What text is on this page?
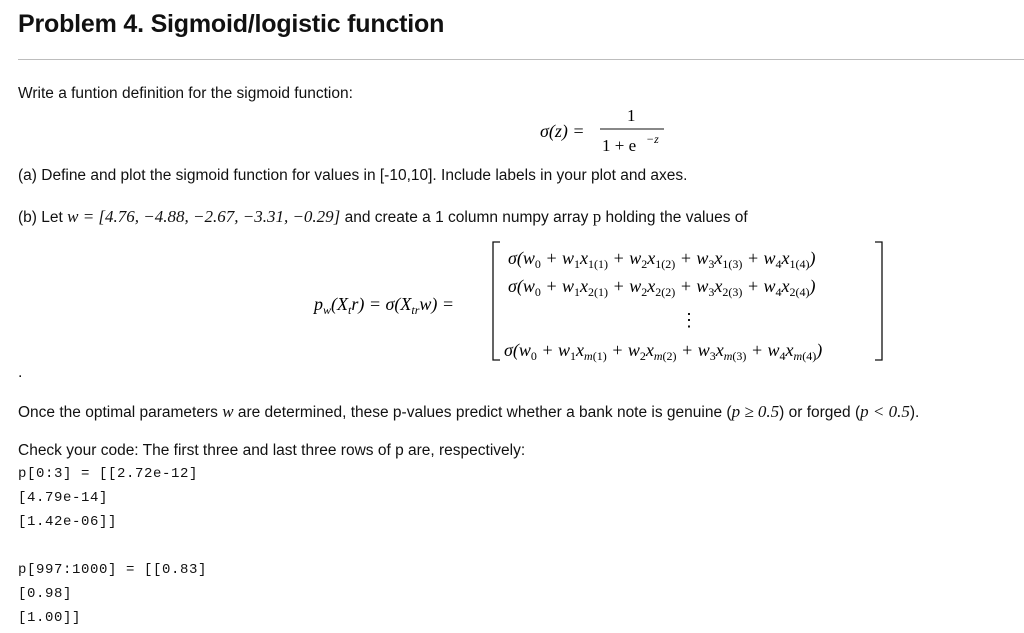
Problem 4. Sigmoid/logistic function
Write a funtion definition for the sigmoid function:
σ(z) =
1
1 + e −z
(a) Define and plot the sigmoid function for values in [-10,10]. Include labels in your plot and axes.
(b) Let w = [4.76, −4.88, −2.67, −3.31, −0.29] and create a 1 column numpy array p holding the values of
$p_w(X_tr) = \sigma(X_{tr}w)$ =
$\sigma(w_0 + w_1x_{1(1)} + w_2x_{1(2)} + w_3x_{1(3)} + w_4x_{1(4)})$
$\sigma(w_0 + w_1x_{2(1)} + w_2x_{2(2)} + w_3x_{2(3)} + w_4x_{2(4)})$
⋮
$\sigma(w_0 + w_1x_m(1) + w_2x_m(2) + w_3x_m(3) + w_4x_m(4))$
.
Once the optimal parameters w are determined, these p-values predict whether a bank note is genuine (p ≥ 0.5) or forged (p < 0.5).
Check your code: The first three and last three rows of p are, respectively:
p[0:3] = [[2.72e-12]
[4.79e-14]
[1.42e-06]]
p[997:1000] = [[0.83]
[0.98]
[1.00]]
